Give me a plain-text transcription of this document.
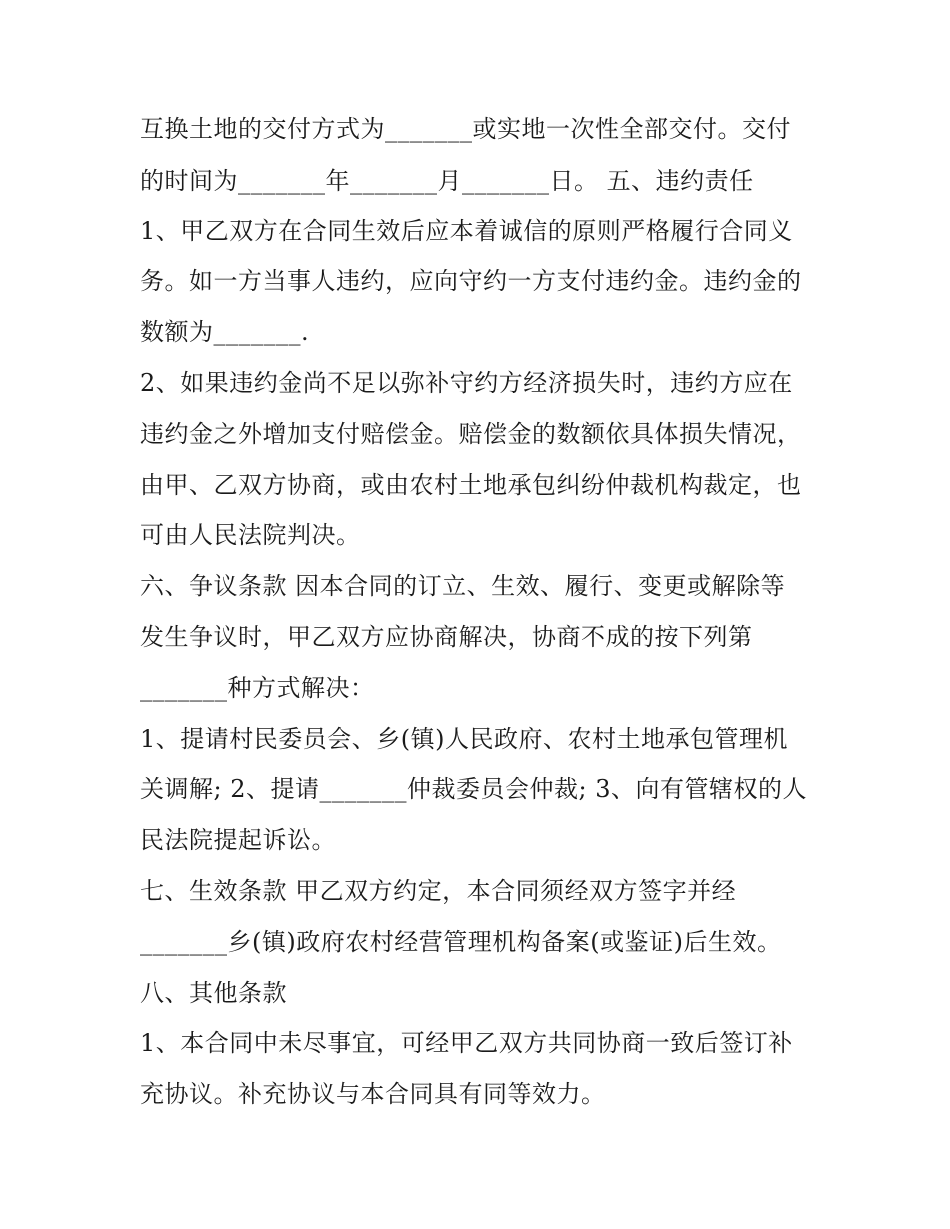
互换土地的交付方式为_______或实地一次性全部交付。交付
的时间为_______年_______月_______日。 五、违约责任
1、甲乙双方在合同生效后应本着诚信的原则严格履行合同义
务。如一方当事人违约，应向守约一方支付违约金。违约金的
数额为_______.
2、如果违约金尚不足以弥补守约方经济损失时，违约方应在
违约金之外增加支付赔偿金。赔偿金的数额依具体损失情况，
由甲、乙双方协商，或由农村土地承包纠纷仲裁机构裁定，也
可由人民法院判决。
六、争议条款 因本合同的订立、生效、履行、变更或解除等
发生争议时，甲乙双方应协商解决，协商不成的按下列第
_______种方式解决：
1、提请村民委员会、乡(镇)人民政府、农村土地承包管理机
关调解; 2、提请_______仲裁委员会仲裁; 3、向有管辖权的人
民法院提起诉讼。
七、生效条款 甲乙双方约定，本合同须经双方签字并经
_______乡(镇)政府农村经营管理机构备案(或鉴证)后生效。
八、其他条款
1、本合同中未尽事宜，可经甲乙双方共同协商一致后签订补
充协议。补充协议与本合同具有同等效力。
